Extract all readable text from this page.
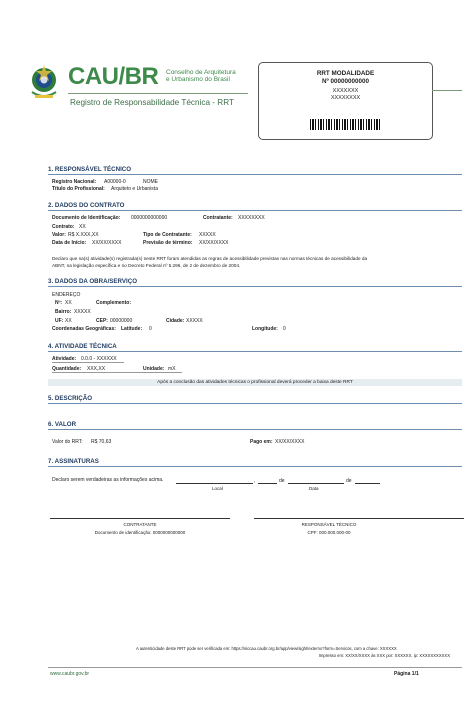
CAU/BR Conselho de Arquitetura
e Urbanismo do Brasil
Registro de Responsabilidade Técnica - RRT
RRT MODALIDADE
Nº 00000000000
XXXXXXX
XXXXXXXX
1. RESPONSÁVEL TÉCNICO
Registro Nacional: A00000-0	NOME
Título do Profissional: Arquiteto e Urbanista
2. DADOS DO CONTRATO
Documento de Identificação: 0000000000000	Contratante: XXXXXXXX
Contrato: XX
Valor: R$ X.XXX,XX	Tipo de Contratante: XXXXX
Data de Início: XX/XX/XXXX	Previsão de término: XX/XX/XXXX
Declaro que na(s) atividade(s) registrada(s) neste RRT foram atendidas as regras de acessibilidade previstas nas normas técnicas de acessibilidade da
ABNT, na legislação específica e no Decreto Federal nº 5.296, de 2 de dezembro de 2004.
3. DADOS DA OBRA/SERVIÇO
ENDEREÇO
Nº: XX	Complemento:
Bairro: XXXXX
UF: XX	CEP: 00000000	Cidade: XXXXX
Coordenadas Geográficas: Latitude: 0	Longitude: 0
4. ATIVIDADE TÉCNICA
Atividade: 0.0.0 - XXXXXX
Quantidade: XXX,XX	Unidade: mX
Após a conclusão das atividades técnicas o profissional deverá proceder a baixa deste RRT
5. DESCRIÇÃO
6. VALOR
Valor do RRT: R$ 70,63	Pago em: XX/XX/XXXX
7. ASSINATURAS
Declaro serem verdadeiras as informações acima.	,	de	de
Local	Data
CONTRATANTE
Documento de identificação: 0000000000000
RESPONSÁVEL TÉCNICO
CPF: 000.000.000-00
A autenticidade deste RRT pode ser verificada em: https://siccau.caubr.org.br/app/view/sight/externo?form=Servicos, com a chave: XXXXXX
Impresso em: XX/XX/XXXX às XXX por: XXXXXX, ip: XXXXXXXXXXX
www.caubr.gov.br	Página 1/1
